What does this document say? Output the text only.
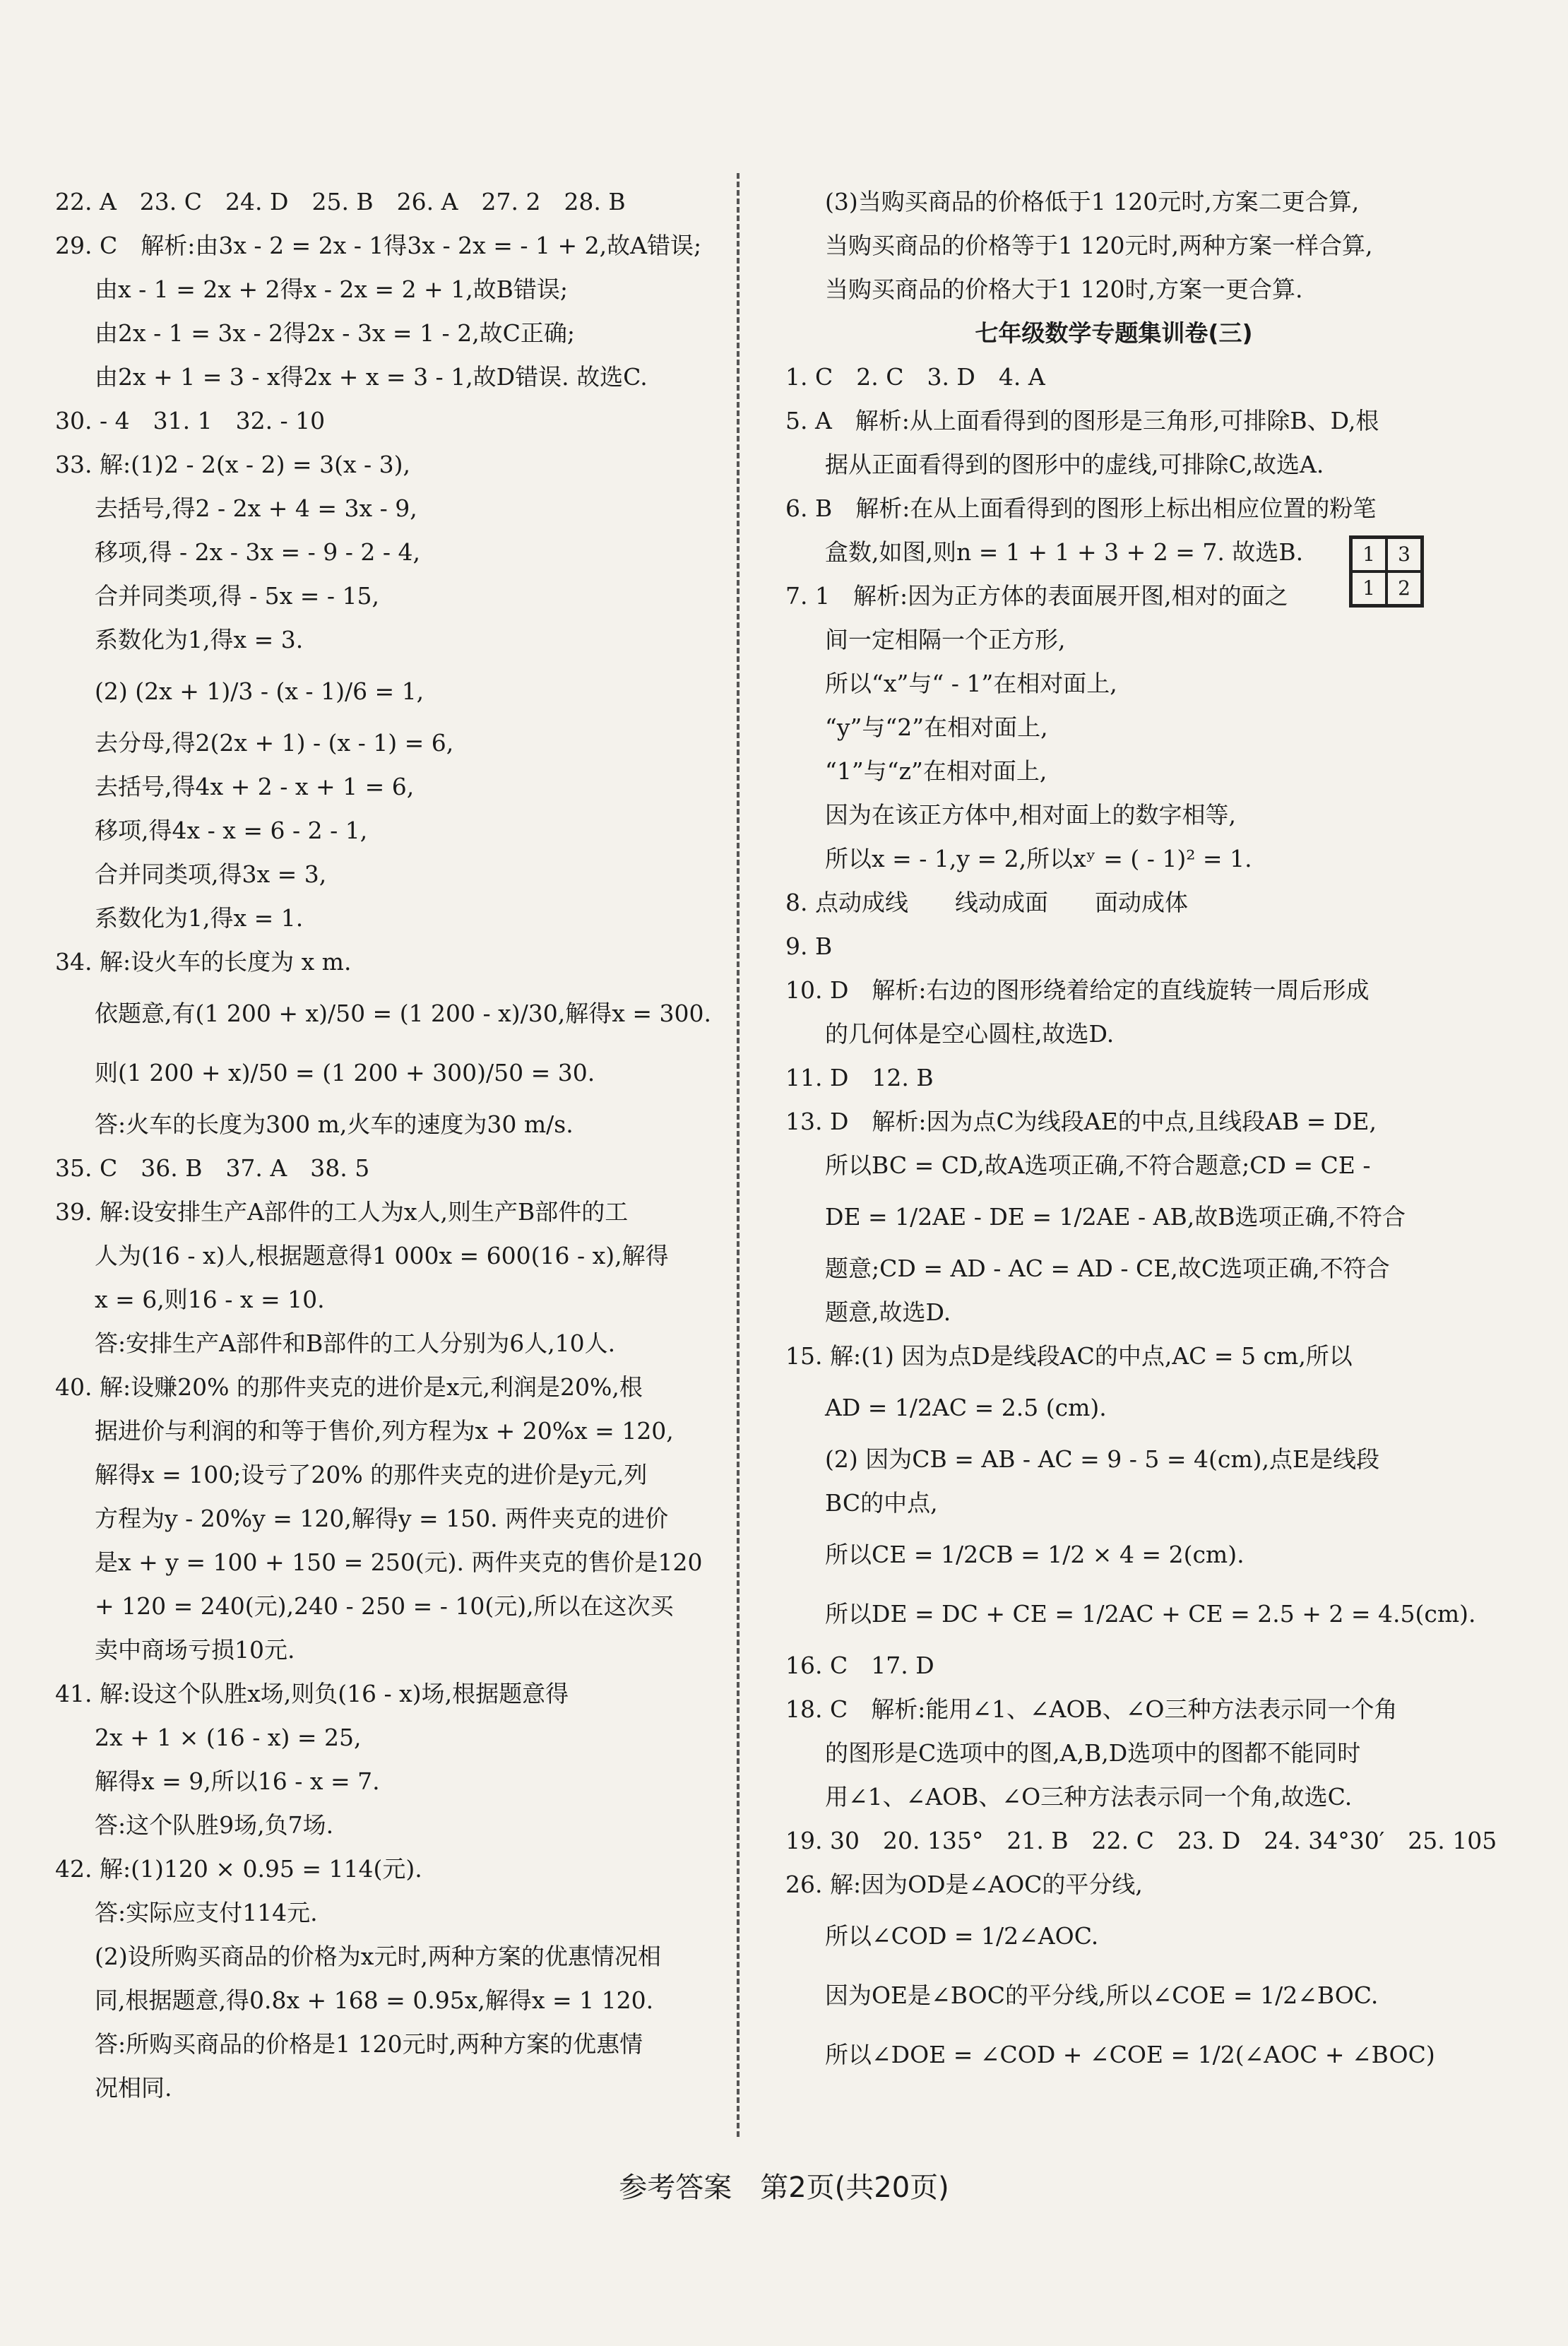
22. A　23. C　24. D　25. B　26. A　27. 2　28. B
29. C　解析:由3x - 2 = 2x - 1得3x - 2x = - 1 + 2,故A错误;
由x - 1 = 2x + 2得x - 2x = 2 + 1,故B错误;
由2x - 1 = 3x - 2得2x - 3x = 1 - 2,故C正确;
由2x + 1 = 3 - x得2x + x = 3 - 1,故D错误. 故选C.
30. - 4　31. 1　32. - 10
33. 解:(1)2 - 2(x - 2) = 3(x - 3),
去括号,得2 - 2x + 4 = 3x - 9,
移项,得 - 2x - 3x = - 9 - 2 - 4,
合并同类项,得 - 5x = - 15,
系数化为1,得x = 3.
(2) (2x + 1)/3 - (x - 1)/6 = 1,
去分母,得2(2x + 1) - (x - 1) = 6,
去括号,得4x + 2 - x + 1 = 6,
移项,得4x - x = 6 - 2 - 1,
合并同类项,得3x = 3,
系数化为1,得x = 1.
34. 解:设火车的长度为 x m.
依题意,有(1 200 + x)/50 = (1 200 - x)/30,解得x = 300.
则(1 200 + x)/50 = (1 200 + 300)/50 = 30.
答:火车的长度为300 m,火车的速度为30 m/s.
35. C　36. B　37. A　38. 5
39. 解:设安排生产A部件的工人为x人,则生产B部件的工
人为(16 - x)人,根据题意得1 000x = 600(16 - x),解得
x = 6,则16 - x = 10.
答:安排生产A部件和B部件的工人分别为6人,10人.
40. 解:设赚20% 的那件夹克的进价是x元,利润是20%,根
据进价与利润的和等于售价,列方程为x + 20%x = 120,
解得x = 100;设亏了20% 的那件夹克的进价是y元,列
方程为y - 20%y = 120,解得y = 150. 两件夹克的进价
是x + y = 100 + 150 = 250(元). 两件夹克的售价是120
+ 120 = 240(元),240 - 250 = - 10(元),所以在这次买
卖中商场亏损10元.
41. 解:设这个队胜x场,则负(16 - x)场,根据题意得
2x + 1 × (16 - x) = 25,
解得x = 9,所以16 - x = 7.
答:这个队胜9场,负7场.
42. 解:(1)120 × 0.95 = 114(元).
答:实际应支付114元.
(2)设所购买商品的价格为x元时,两种方案的优惠情况相
同,根据题意,得0.8x + 168 = 0.95x,解得x = 1 120.
答:所购买商品的价格是1 120元时,两种方案的优惠情
况相同.
(3)当购买商品的价格低于1 120元时,方案二更合算,
当购买商品的价格等于1 120元时,两种方案一样合算,
当购买商品的价格大于1 120时,方案一更合算.
七年级数学专题集训卷(三)
1. C　2. C　3. D　4. A
5. A　解析:从上面看得到的图形是三角形,可排除B、D,根
据从正面看得到的图形中的虚线,可排除C,故选A.
6. B　解析:在从上面看得到的图形上标出相应位置的粉笔
盒数,如图,则n = 1 + 1 + 3 + 2 = 7. 故选B.
7. 1　解析:因为正方体的表面展开图,相对的面之
间一定相隔一个正方形,
所以“x”与“ - 1”在相对面上,
“y”与“2”在相对面上,
“1”与“z”在相对面上,
因为在该正方体中,相对面上的数字相等,
所以x = - 1,y = 2,所以xʸ = ( - 1)² = 1.
8. 点动成线　　线动成面　　面动成体
9. B
10. D　解析:右边的图形绕着给定的直线旋转一周后形成
的几何体是空心圆柱,故选D.
11. D　12. B
13. D　解析:因为点C为线段AE的中点,且线段AB = DE,
所以BC = CD,故A选项正确,不符合题意;CD = CE -
DE = 1/2AE - DE = 1/2AE - AB,故B选项正确,不符合
题意;CD = AD - AC = AD - CE,故C选项正确,不符合
题意,故选D.
15. 解:(1) 因为点D是线段AC的中点,AC = 5 cm,所以
AD = 1/2AC = 2.5 (cm).
(2) 因为CB = AB - AC = 9 - 5 = 4(cm),点E是线段
BC的中点,
所以CE = 1/2CB = 1/2 × 4 = 2(cm).
所以DE = DC + CE = 1/2AC + CE = 2.5 + 2 = 4.5(cm).
16. C　17. D
18. C　解析:能用∠1、∠AOB、∠O三种方法表示同一个角
的图形是C选项中的图,A,B,D选项中的图都不能同时
用∠1、∠AOB、∠O三种方法表示同一个角,故选C.
19. 30　20. 135°　21. B　22. C　23. D　24. 34°30′　25. 105
26. 解:因为OD是∠AOC的平分线,
所以∠COD = 1/2∠AOC.
因为OE是∠BOC的平分线,所以∠COE = 1/2∠BOC.
所以∠DOE = ∠COD + ∠COE = 1/2(∠AOC + ∠BOC)
1	3
1	2
参考答案　第2页(共20页)
